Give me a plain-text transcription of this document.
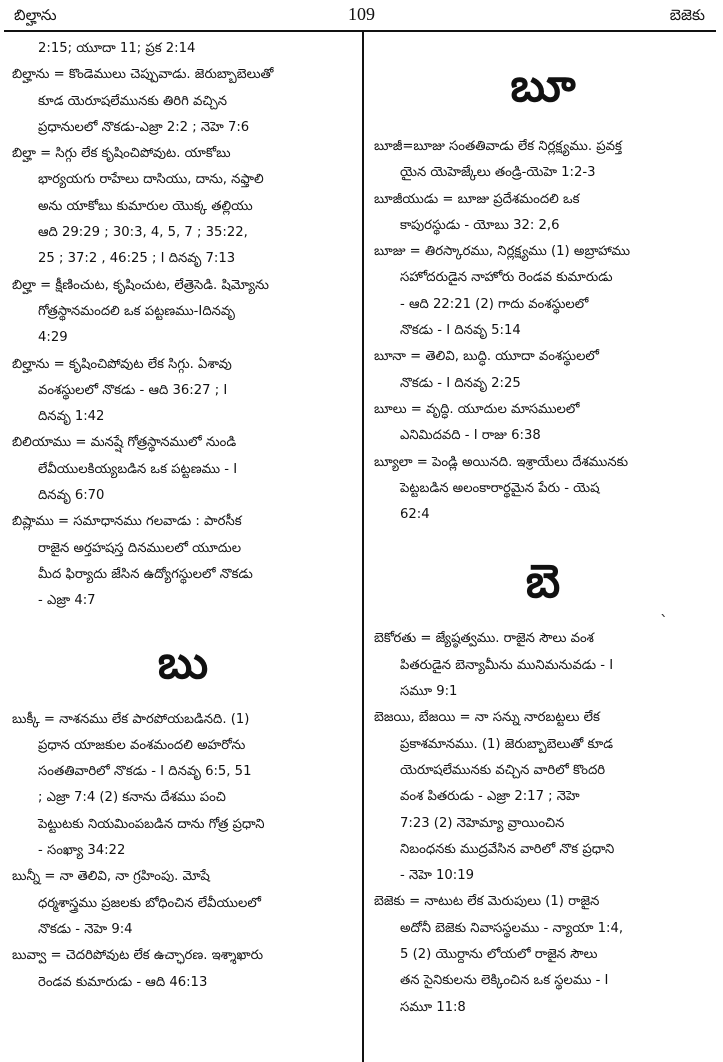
బిల్హాను	109	బెజెకు

2:15; యూదా 11; ప్రక 2:14

బిల్హాను = కొండెములు చెప్పువాడు. జెరుబ్బాబెలుతో
కూడ యెరూషలేమునకు తిరిగి వచ్చిన
ప్రధానులలో నొకడు-ఎజ్రా 2:2 ; నెహె 7:6

బిల్హా = సిగ్గు లేక కృషించిపోవుట. యాకోబు
భార్యయగు రాహేలు దాసియు, దాను, నఫ్తాలి
అను యాకోబు కుమారుల యొక్క తల్లియు
ఆది 29:29 ; 30:3, 4, 5, 7 ; 35:22,
25 ; 37:2 , 46:25 ; I దినవృ 7:13

బిల్హా = క్షీణించుట, కృషించుట, లేత్రెసెడి. షిమ్యోను
గోత్రస్థానమందలి ఒక పట్టణము-Iదినవృ
4:29

బిల్హాను = కృషించిపోవుట లేక సిగ్గు. ఏశావు
వంశస్థులలో నొకడు - ఆది 36:27 ; I
దినవృ 1:42

బిలియాము = మనష్షే గోత్రస్థానములో నుండి
లేవీయులకియ్యబడిన ఒక పట్టణము - I
దినవృ 6:70

బిష్లాము = సమాధానము గలవాడు : పారసీక
రాజైన అర్తహషస్త దినములలో యూదుల
మీద ఫిర్యాదు జేసిన ఉద్యోగస్థులలో నొకడు
- ఎజ్రా 4:7

బు

బుక్కీ = నాశనము లేక పారపోయబడినది. (1)
ప్రధాన యాజకుల వంశమందలి అహరోను
సంతతివారిలో నొకడు - I దినవృ 6:5, 51
; ఎజ్రా 7:4 (2) కనాను దేశము పంచి
పెట్టుటకు నియమింపబడిన దాను గోత్ర ప్రధాని
- సంఖ్యా 34:22

బున్నీ = నా తెలివి, నా గ్రహింపు. మోషే
ధర్మశాస్త్రము ప్రజలకు బోధించిన లేవీయులలో
నొకడు - నెహె 9:4

బువ్వా = చెదరిపోవుట లేక ఉచ్ఛారణ. ఇశ్శాఖారు
రెండవ కుమారుడు - ఆది 46:13

బూ

బూజీ=బూజు సంతతివాడు లేక నిర్లక్ష్యము. ప్రవక్త
యైన యెహెజ్కేలు తండ్రి-యెహె 1:2-3

బూజీయుడు = బూజు ప్రదేశమందలి ఒక
కాపురస్థుడు - యోబు 32: 2,6

బూజు = తిరస్కారము, నిర్లక్ష్యము (1) అబ్రాహాము
సహోదరుడైన నాహోరు రెండవ కుమారుడు
- ఆది 22:21 (2) గాదు వంశస్థులలో
నొకడు - I దినవృ 5:14

బూనా = తెలివి, బుద్ధి. యూదా వంశస్థులలో
నొకడు - I దినవృ 2:25

బూలు = వృద్ధి. యూదుల మాసములలో
ఎనిమిదవది - I రాజు 6:38

బ్యూలా = పెండ్లి అయినది. ఇశ్రాయేలు దేశమునకు
పెట్టబడిన అలంకారార్థమైన పేరు - యెష
62:4

బె

బెకోరతు = జ్యేష్ఠత్వము. రాజైన సౌలు వంశ
పితరుడైన బెన్యామీను మునిమనువడు - I
సమూ 9:1

బెజయి, బేజయి = నా సన్ను నారబట్టలు లేక
ప్రకాశమానము. (1) జెరుబ్బాబెలుతో కూడ
యెరూషలేమునకు వచ్చిన వారిలో కొందరి
వంశ పితరుడు - ఎజ్రా 2:17 ; నెహె
7:23 (2) నెహెమ్యా వ్రాయించిన
నిబంధనకు ముద్రవేసిన వారిలో నొక ప్రధాని
- నెహె 10:19

బెజెకు = నాటుట లేక మెరుపులు (1) రాజైన
అదోనీ బెజెకు నివాసస్థలము - న్యాయా 1:4,
5 (2) యొర్దాను లోయలో రాజైన సౌలు
తన సైనికులను లెక్కించిన ఒక స్థలము - I
సమూ 11:8

ˎ
